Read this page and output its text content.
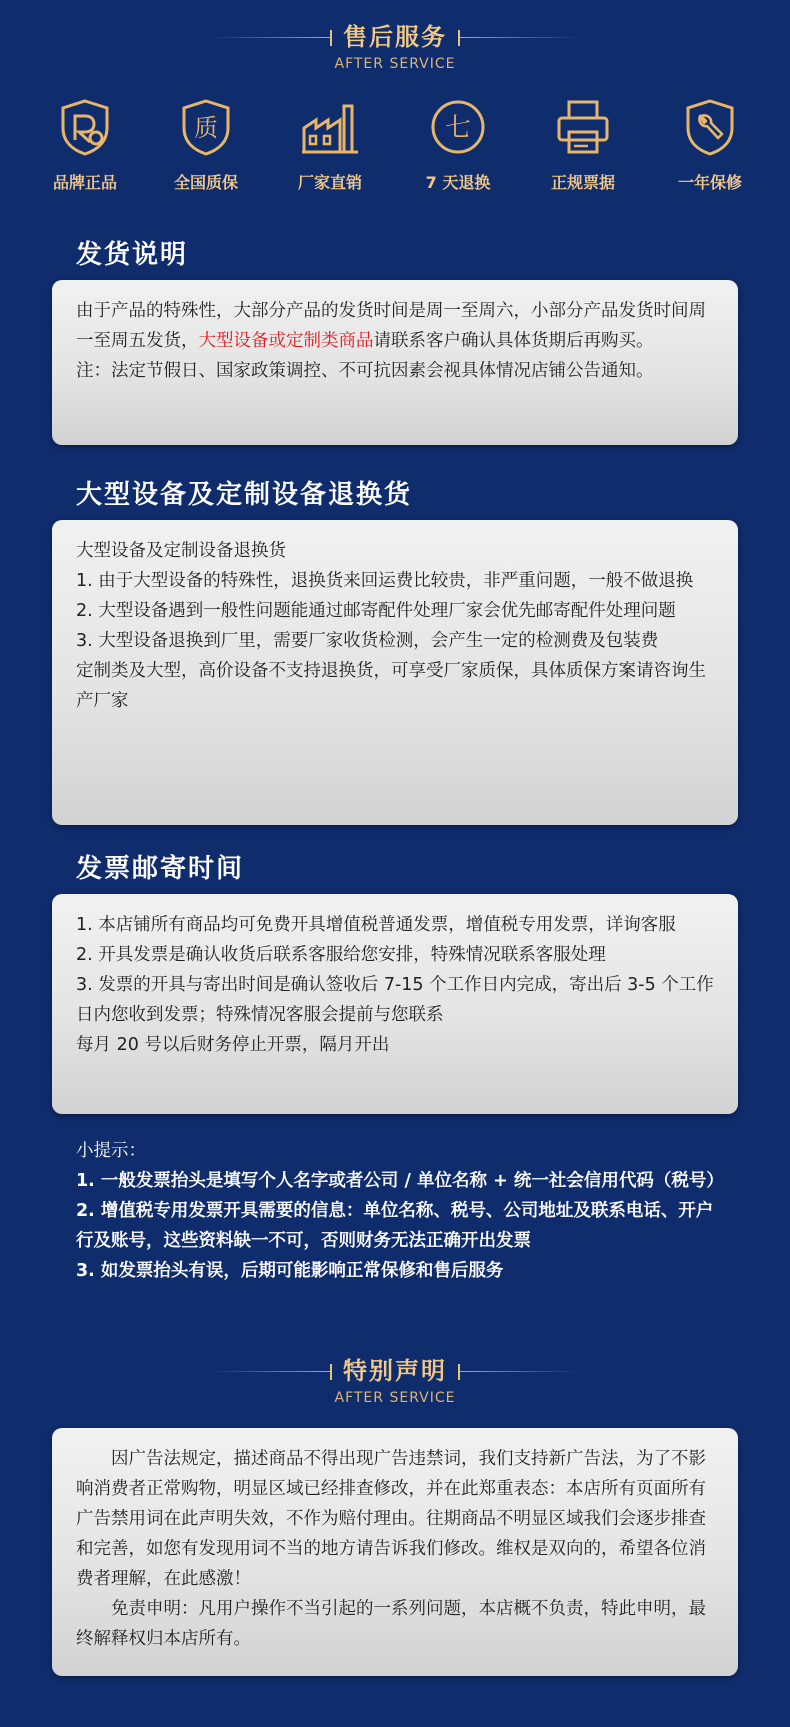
售后服务
AFTER SERVICE
品牌正品
质
全国质保	厂家直销
七
7 天退换	正规票据	一年保修
发货说明

由于产品的特殊性，大部分产品的发货时间是周一至周六，小部分产品发货时间周一至周五发货，大型设备或定制类商品请联系客户确认具体货期后再购买。

注：法定节假日、国家政策调控、不可抗因素会视具体情况店铺公告通知。

大型设备及定制设备退换货

大型设备及定制设备退换货

1. 由于大型设备的特殊性，退换货来回运费比较贵，非严重问题，一般不做退换

2. 大型设备遇到一般性问题能通过邮寄配件处理厂家会优先邮寄配件处理问题

3. 大型设备退换到厂里，需要厂家收货检测，会产生一定的检测费及包装费

定制类及大型，高价设备不支持退换货，可享受厂家质保，具体质保方案请咨询生产厂家

发票邮寄时间

1. 本店铺所有商品均可免费开具增值税普通发票，增值税专用发票，详询客服

2. 开具发票是确认收货后联系客服给您安排，特殊情况联系客服处理

3. 发票的开具与寄出时间是确认签收后 7-15 个工作日内完成，寄出后 3-5 个工作日内您收到发票；特殊情况客服会提前与您联系

每月 20 号以后财务停止开票，隔月开出

小提示：

1. 一般发票抬头是填写个人名字或者公司 / 单位名称 + 统一社会信用代码（税号）

2. 增值税专用发票开具需要的信息：单位名称、税号、公司地址及联系电话、开户行及账号，这些资料缺一不可，否则财务无法正确开出发票

3. 如发票抬头有误，后期可能影响正常保修和售后服务

特别声明
AFTER SERVICE

因广告法规定，描述商品不得出现广告违禁词，我们支持新广告法，为了不影响消费者正常购物，明显区域已经排查修改，并在此郑重表态：本店所有页面所有广告禁用词在此声明失效，不作为赔付理由。往期商品不明显区域我们会逐步排查和完善，如您有发现用词不当的地方请告诉我们修改。维权是双向的，希望各位消费者理解，在此感激！

免责申明：凡用户操作不当引起的一系列问题，本店概不负责，特此申明，最终解释权归本店所有。
